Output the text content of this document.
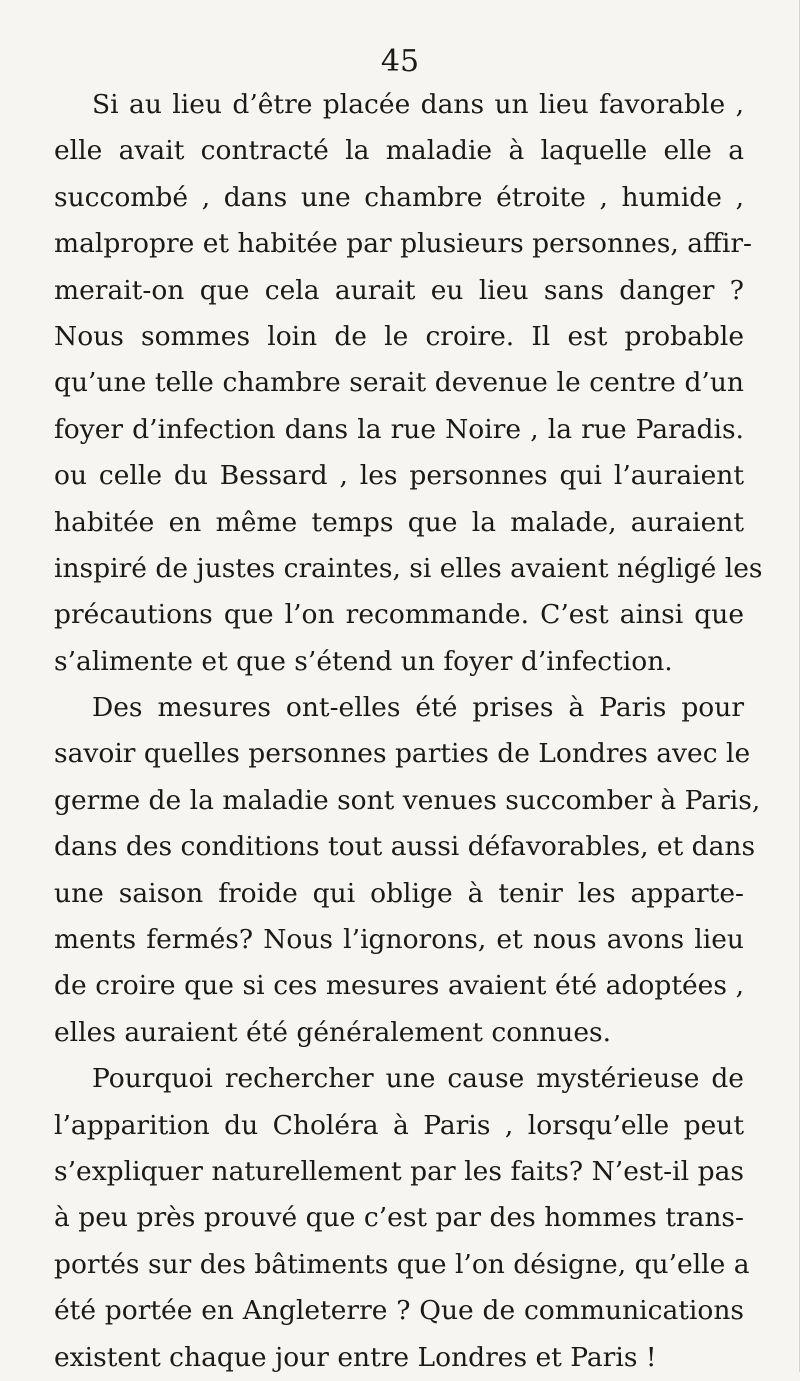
45
Si au lieu d’être placée dans un lieu favorable ,
elle avait contracté la maladie à laquelle elle a
succombé , dans une chambre étroite , humide ,
malpropre et habitée par plusieurs personnes, affir-
merait-on que cela aurait eu lieu sans danger ?
Nous sommes loin de le croire. Il est probable
qu’une telle chambre serait devenue le centre d’un
foyer d’infection dans la rue Noire , la rue Paradis.
ou celle du Bessard , les personnes qui l’auraient
habitée en même temps que la malade, auraient
inspiré de justes craintes, si elles avaient négligé les
précautions que l’on recommande. C’est ainsi que
s’alimente et que s’étend un foyer d’infection.
Des mesures ont-elles été prises à Paris pour
savoir quelles personnes parties de Londres avec le
germe de la maladie sont venues succomber à Paris,
dans des conditions tout aussi défavorables, et dans
une saison froide qui oblige à tenir les apparte-
ments fermés? Nous l’ignorons, et nous avons lieu
de croire que si ces mesures avaient été adoptées ,
elles auraient été généralement connues.
Pourquoi rechercher une cause mystérieuse de
l’apparition du Choléra à Paris , lorsqu’elle peut
s’expliquer naturellement par les faits? N’est-il pas
à peu près prouvé que c’est par des hommes trans-
portés sur des bâtiments que l’on désigne, qu’elle a
été portée en Angleterre ? Que de communications
existent chaque jour entre Londres et Paris !
